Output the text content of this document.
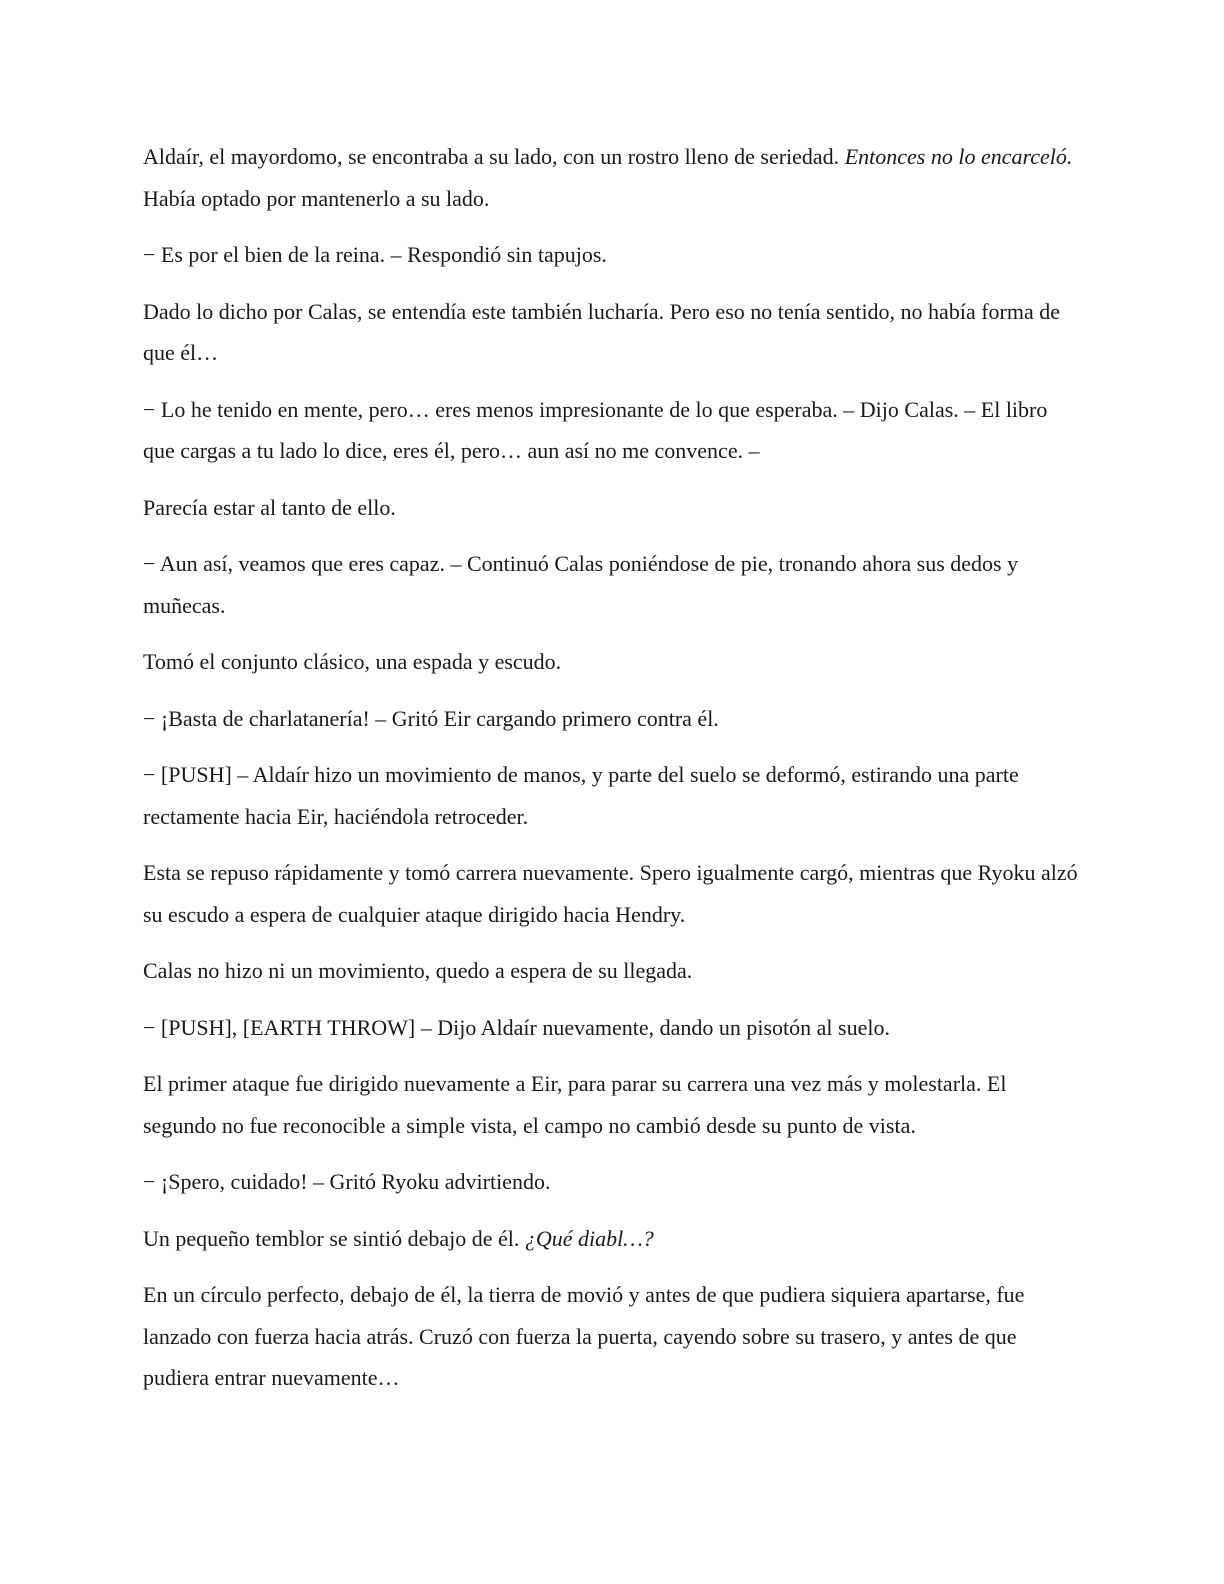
Aldaír, el mayordomo, se encontraba a su lado, con un rostro lleno de seriedad. Entonces no lo encarceló. Había optado por mantenerlo a su lado.

− Es por el bien de la reina. – Respondió sin tapujos.

Dado lo dicho por Calas, se entendía este también lucharía. Pero eso no tenía sentido, no había forma de que él…

− Lo he tenido en mente, pero… eres menos impresionante de lo que esperaba. – Dijo Calas. – El libro que cargas a tu lado lo dice, eres él, pero… aun así no me convence. –

Parecía estar al tanto de ello.

− Aun así, veamos que eres capaz. – Continuó Calas poniéndose de pie, tronando ahora sus dedos y muñecas.

Tomó el conjunto clásico, una espada y escudo.

− ¡Basta de charlatanería! – Gritó Eir cargando primero contra él.

− [PUSH] – Aldaír hizo un movimiento de manos, y parte del suelo se deformó, estirando una parte rectamente hacia Eir, haciéndola retroceder.

Esta se repuso rápidamente y tomó carrera nuevamente. Spero igualmente cargó, mientras que Ryoku alzó su escudo a espera de cualquier ataque dirigido hacia Hendry.

Calas no hizo ni un movimiento, quedo a espera de su llegada.

− [PUSH], [EARTH THROW] – Dijo Aldaír nuevamente, dando un pisotón al suelo.

El primer ataque fue dirigido nuevamente a Eir, para parar su carrera una vez más y molestarla. El segundo no fue reconocible a simple vista, el campo no cambió desde su punto de vista.

− ¡Spero, cuidado! – Gritó Ryoku advirtiendo.

Un pequeño temblor se sintió debajo de él. ¿Qué diabl…?

En un círculo perfecto, debajo de él, la tierra de movió y antes de que pudiera siquiera apartarse, fue lanzado con fuerza hacia atrás. Cruzó con fuerza la puerta, cayendo sobre su trasero, y antes de que pudiera entrar nuevamente…
